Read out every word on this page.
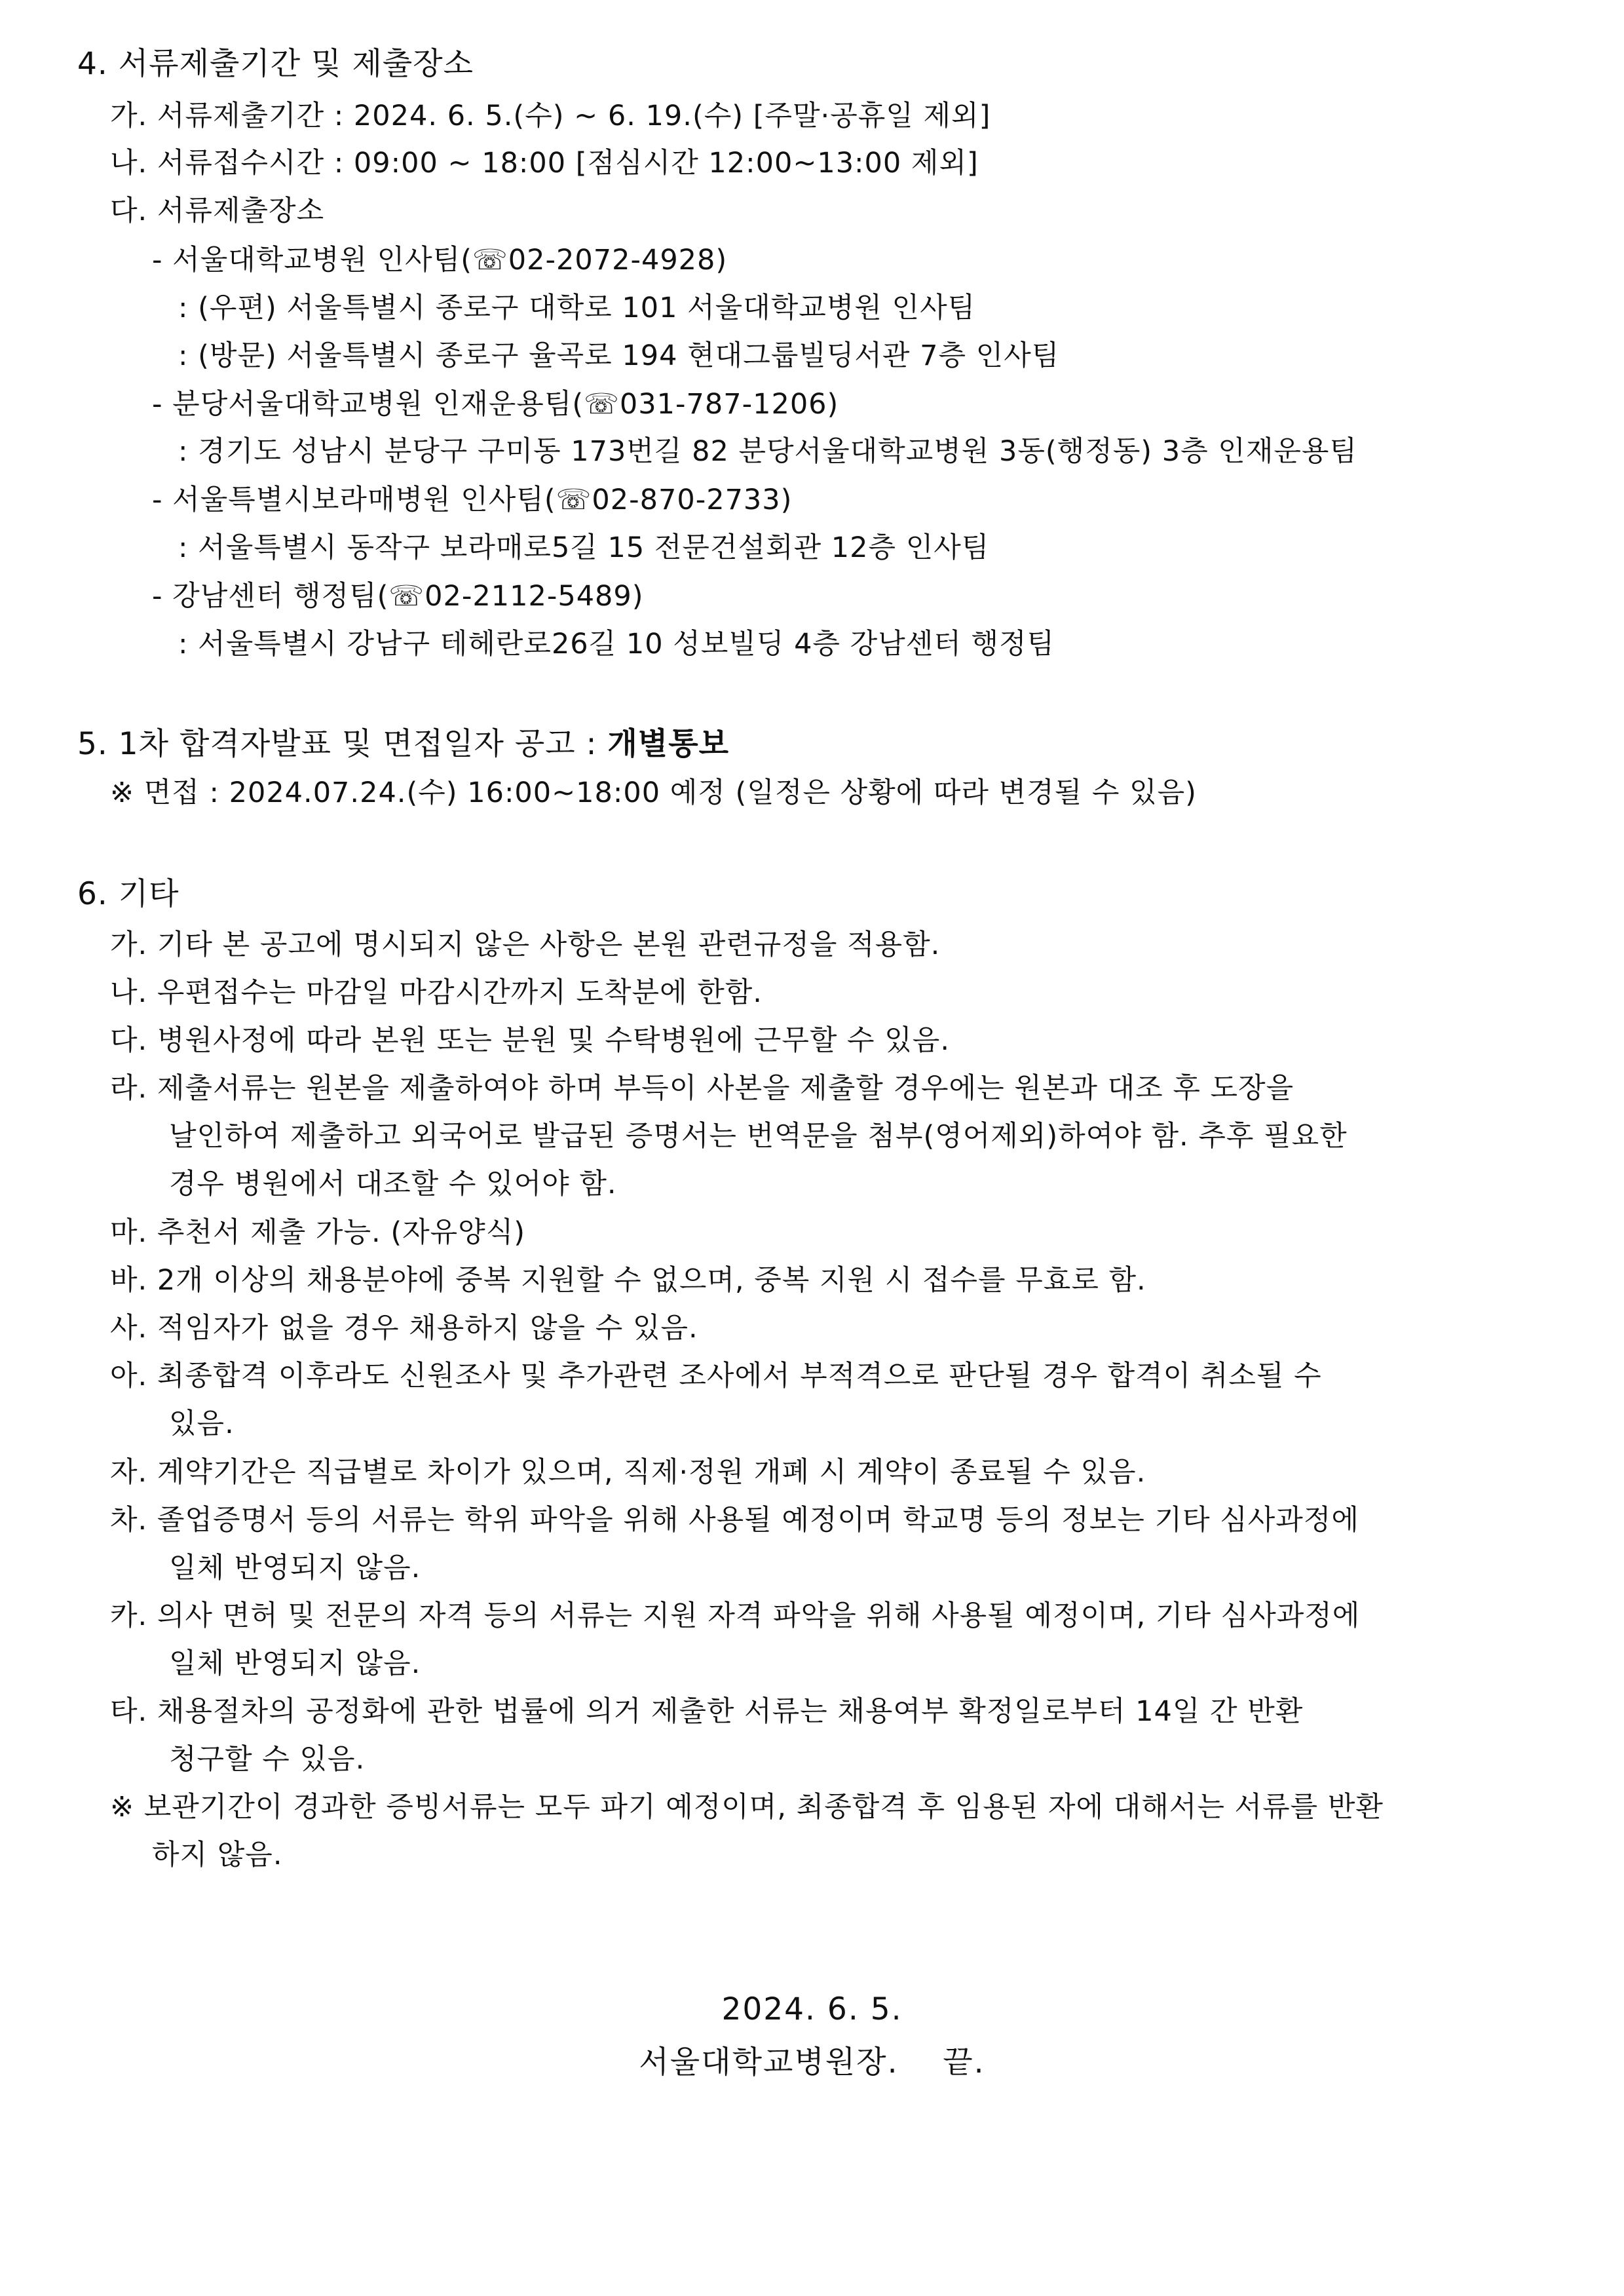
4. 서류제출기간 및 제출장소
가. 서류제출기간 : 2024. 6. 5.(수) ~ 6. 19.(수) [주말·공휴일 제외]
나. 서류접수시간 : 09:00 ~ 18:00 [점심시간 12:00~13:00 제외]
다. 서류제출장소
- 서울대학교병원 인사팀(☏02-2072-4928)
: (우편) 서울특별시 종로구 대학로 101 서울대학교병원 인사팀
: (방문) 서울특별시 종로구 율곡로 194 현대그룹빌딩서관 7층 인사팀
- 분당서울대학교병원 인재운용팀(☏031-787-1206)
: 경기도 성남시 분당구 구미동 173번길 82 분당서울대학교병원 3동(행정동) 3층 인재운용팀
- 서울특별시보라매병원 인사팀(☏02-870-2733)
: 서울특별시 동작구 보라매로5길 15 전문건설회관 12층 인사팀
- 강남센터 행정팀(☏02-2112-5489)
: 서울특별시 강남구 테헤란로26길 10 성보빌딩 4층 강남센터 행정팀
5. 1차 합격자발표 및 면접일자 공고 : 개별통보
※ 면접 : 2024.07.24.(수) 16:00~18:00 예정 (일정은 상황에 따라 변경될 수 있음)
6. 기타
가. 기타 본 공고에 명시되지 않은 사항은 본원 관련규정을 적용함.
나. 우편접수는 마감일 마감시간까지 도착분에 한함.
다. 병원사정에 따라 본원 또는 분원 및 수탁병원에 근무할 수 있음.
라. 제출서류는 원본을 제출하여야 하며 부득이 사본을 제출할 경우에는 원본과 대조 후 도장을
날인하여 제출하고 외국어로 발급된 증명서는 번역문을 첨부(영어제외)하여야 함. 추후 필요한
경우 병원에서 대조할 수 있어야 함.
마. 추천서 제출 가능. (자유양식)
바. 2개 이상의 채용분야에 중복 지원할 수 없으며, 중복 지원 시 접수를 무효로 함.
사. 적임자가 없을 경우 채용하지 않을 수 있음.
아. 최종합격 이후라도 신원조사 및 추가관련 조사에서 부적격으로 판단될 경우 합격이 취소될 수
있음.
자. 계약기간은 직급별로 차이가 있으며, 직제·정원 개폐 시 계약이 종료될 수 있음.
차. 졸업증명서 등의 서류는 학위 파악을 위해 사용될 예정이며 학교명 등의 정보는 기타 심사과정에
일체 반영되지 않음.
카. 의사 면허 및 전문의 자격 등의 서류는 지원 자격 파악을 위해 사용될 예정이며, 기타 심사과정에
일체 반영되지 않음.
타. 채용절차의 공정화에 관한 법률에 의거 제출한 서류는 채용여부 확정일로부터 14일 간 반환
청구할 수 있음.
※ 보관기간이 경과한 증빙서류는 모두 파기 예정이며, 최종합격 후 임용된 자에 대해서는 서류를 반환
하지 않음.
2024. 6. 5.
서울대학교병원장.    끝.
